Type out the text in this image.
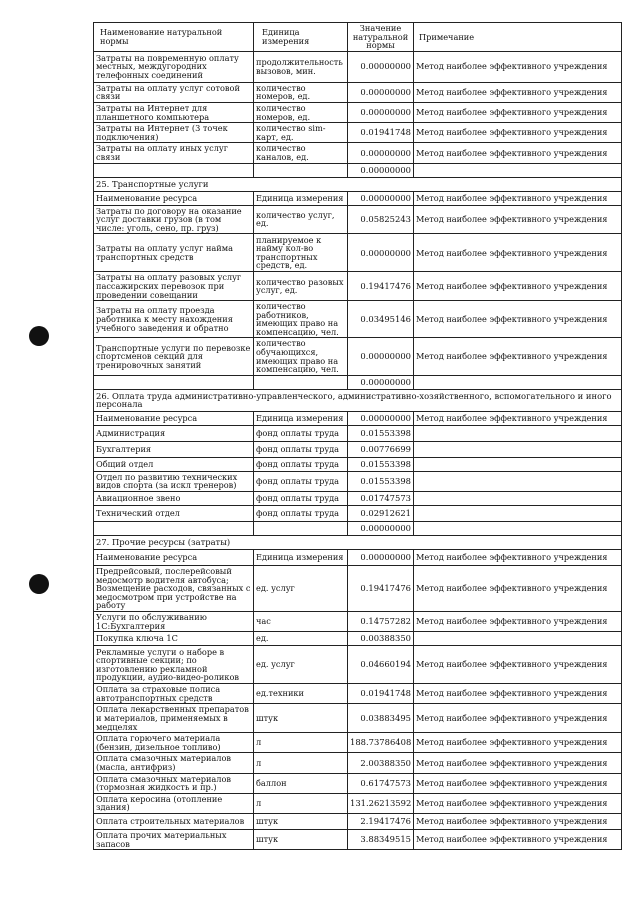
Наименование натуральной нормы	Единица измерения	Значение натуральной нормы	Примечание
Затраты на повременную оплату местных, междугородних телефонных соединений	продолжительность вызовов, мин.	0.00000000	Метод наиболее эффективного учреждения
Затраты на оплату услуг сотовой связи	количество номеров, ед.	0.00000000	Метод наиболее эффективного учреждения
Затраты на Интернет для планшетного компьютера	количество номеров, ед.	0.00000000	Метод наиболее эффективного учреждения
Затраты на Интернет (3 точек подключения)	количество sim-карт, ед.	0.01941748	Метод наиболее эффективного учреждения
Затраты на оплату иных услуг связи	количество каналов, ед.	0.00000000	Метод наиболее эффективного учреждения
		0.00000000	
25. Транспортные услуги			
Наименование ресурса	Единица измерения	0.00000000	Метод наиболее эффективного учреждения
Затраты по договору на оказание услуг доставки грузов (в том числе: уголь, сено, пр. груз)	количество услуг, ед.	0.05825243	Метод наиболее эффективного учреждения
Затраты на оплату услуг найма транспортных средств	планируемое к найму кол-во транспортных средств, ед.	0.00000000	Метод наиболее эффективного учреждения
Затраты на оплату разовых услуг пассажирских перевозок при проведении совещании	количество разовых услуг, ед.	0.19417476	Метод наиболее эффективного учреждения
Затраты на оплату проезда работника к месту нахождения учебного заведения и обратно	количество работников, имеющих право на компенсацию, чел.	0.03495146	Метод наиболее эффективного учреждения
Транспортные услуги по перевозке спортсменов секций для тренировочных занятий	количество обучающихся, имеющих право на компенсацию, чел.	0.00000000	Метод наиболее эффективного учреждения
		0.00000000	
26. Оплата труда административно-управленческого, административно-хозяйственного, вспомогательного и иного персонала			
Наименование ресурса	Единица измерения	0.00000000	Метод наиболее эффективного учреждения
Администрация	фонд оплаты труда	0.01553398	
Бухгалтерия	фонд оплаты труда	0.00776699	
Общий отдел	фонд оплаты труда	0.01553398	
Отдел по развитию технических видов спорта (за искл тренеров)	фонд оплаты труда	0.01553398	
Авиационное звено	фонд оплаты труда	0.01747573	
Технический отдел	фонд оплаты труда	0.02912621	
		0.00000000	
27. Прочие ресурсы (затраты)			
Наименование ресурса	Единица измерения	0.00000000	Метод наиболее эффективного учреждения
Предрейсовый, послерейсовый медосмотр водителя автобуса; Возмещение расходов, связанных с медосмотром при устройстве на работу	ед. услуг	0.19417476	Метод наиболее эффективного учреждения
Услуги по обслуживанию 1С:Бухгалтерия	час	0.14757282	Метод наиболее эффективного учреждения
Покупка ключа 1С	ед.	0.00388350	
Рекламные услуги о наборе в спортивные секции; по изготовлению рекламной продукции, аудио-видео-роликов	ед. услуг	0.04660194	Метод наиболее эффективного учреждения
Оплата за страховые полиса автотранспортных средств	ед.техники	0.01941748	Метод наиболее эффективного учреждения
Оплата лекарственных препаратов и материалов, применяемых в медцелях	штук	0.03883495	Метод наиболее эффективного учреждения
Оплата горючего материала (бензин, дизельное топливо)	л	188.73786408	Метод наиболее эффективного учреждения
Оплата смазочных материалов (масла, антифриз)	л	2.00388350	Метод наиболее эффективного учреждения
Оплата смазочных материалов (тормозная жидкость и пр.)	баллон	0.61747573	Метод наиболее эффективного учреждения
Оплата керосина (отопление здания)	л	131.26213592	Метод наиболее эффективного учреждения
Оплата строительных материалов	штук	2.19417476	Метод наиболее эффективного учреждения
Оплата прочих материальных запасов	штук	3.88349515	Метод наиболее эффективного учреждения
